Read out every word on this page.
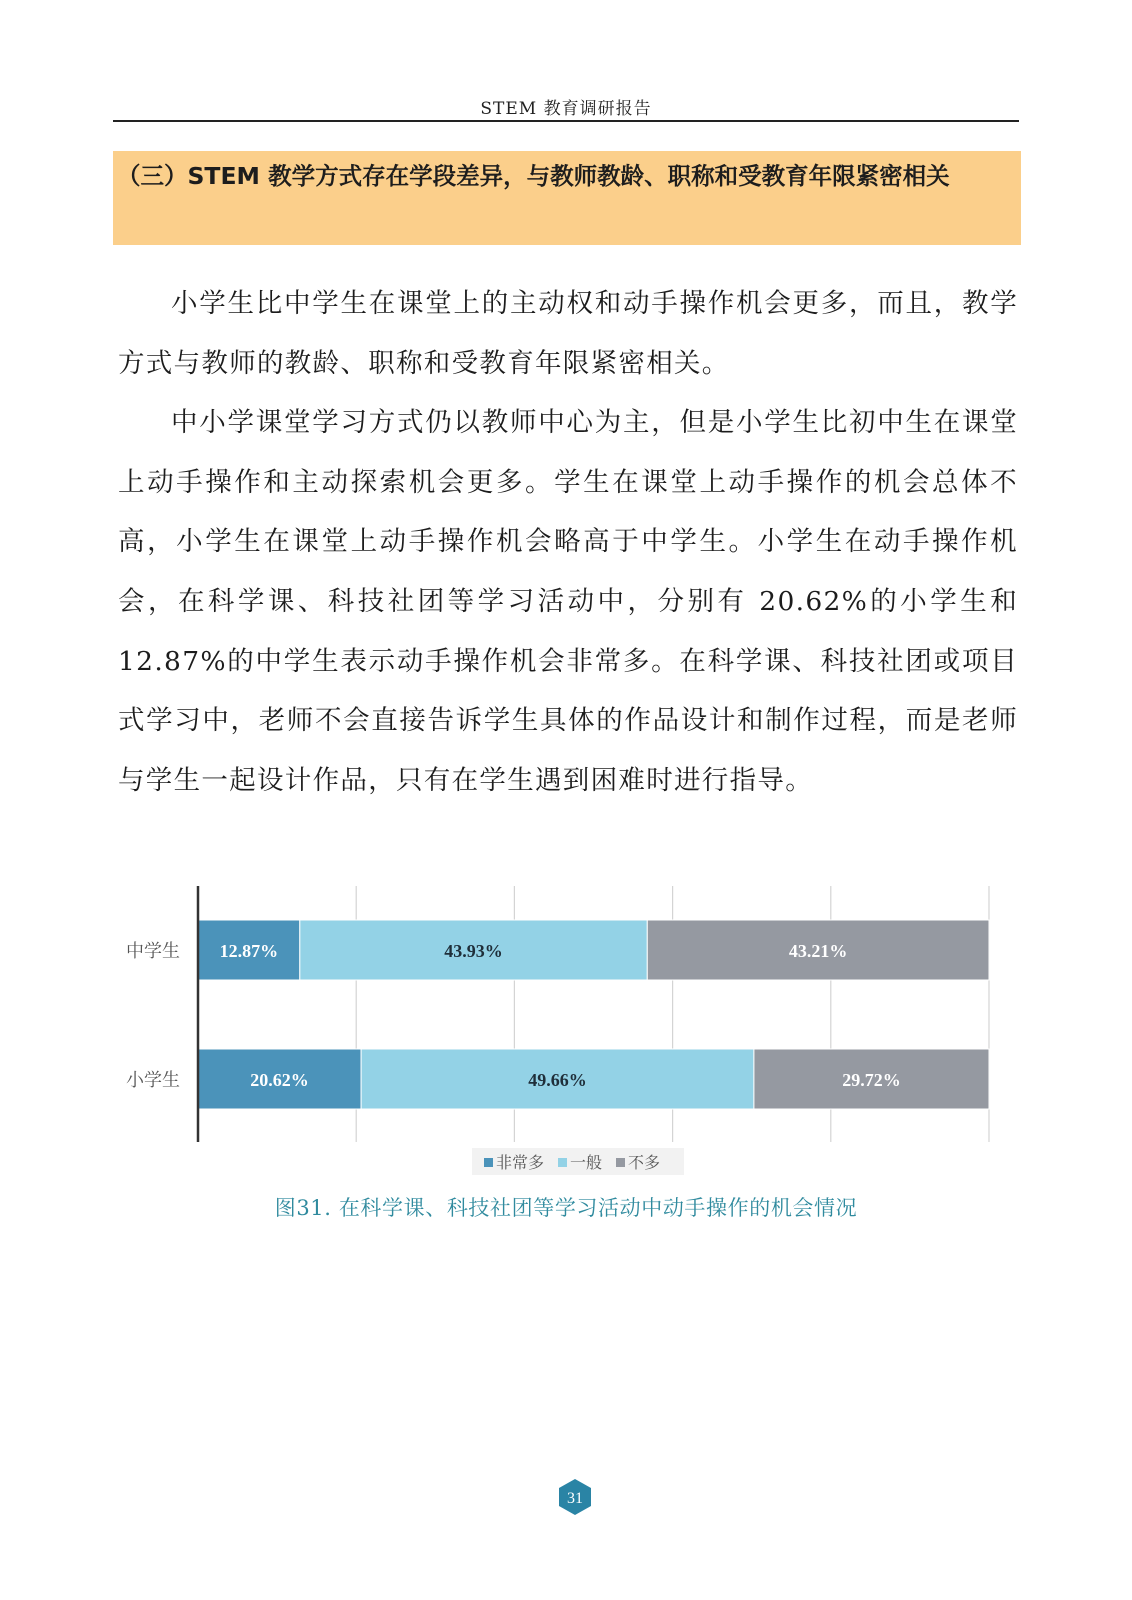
STEM 教育调研报告
（三）STEM 教学方式存在学段差异，与教师教龄、职称和受教育年限紧密相关

小学生比中学生在课堂上的主动权和动手操作机会更多，而且，教学方式与教师的教龄、职称和受教育年限紧密相关。

中小学课堂学习方式仍以教师中心为主，但是小学生比初中生在课堂上动手操作和主动探索机会更多。学生在课堂上动手操作的机会总体不高，小学生在课堂上动手操作机会略高于中学生。小学生在动手操作机会，在科学课、科技社团等学习活动中，分别有 20.62%的小学生和 12.87%的中学生表示动手操作机会非常多。在科学课、科技社团或项目式学习中，老师不会直接告诉学生具体的作品设计和制作过程，而是老师与学生一起设计作品，只有在学生遇到困难时进行指导。

中学生 12.87%	43.93%	43.21%
小学生	20.62%	49.66%	29.72%
非常多 一般 不多
图31. 在科学课、科技社团等学习活动中动手操作的机会情况
31
